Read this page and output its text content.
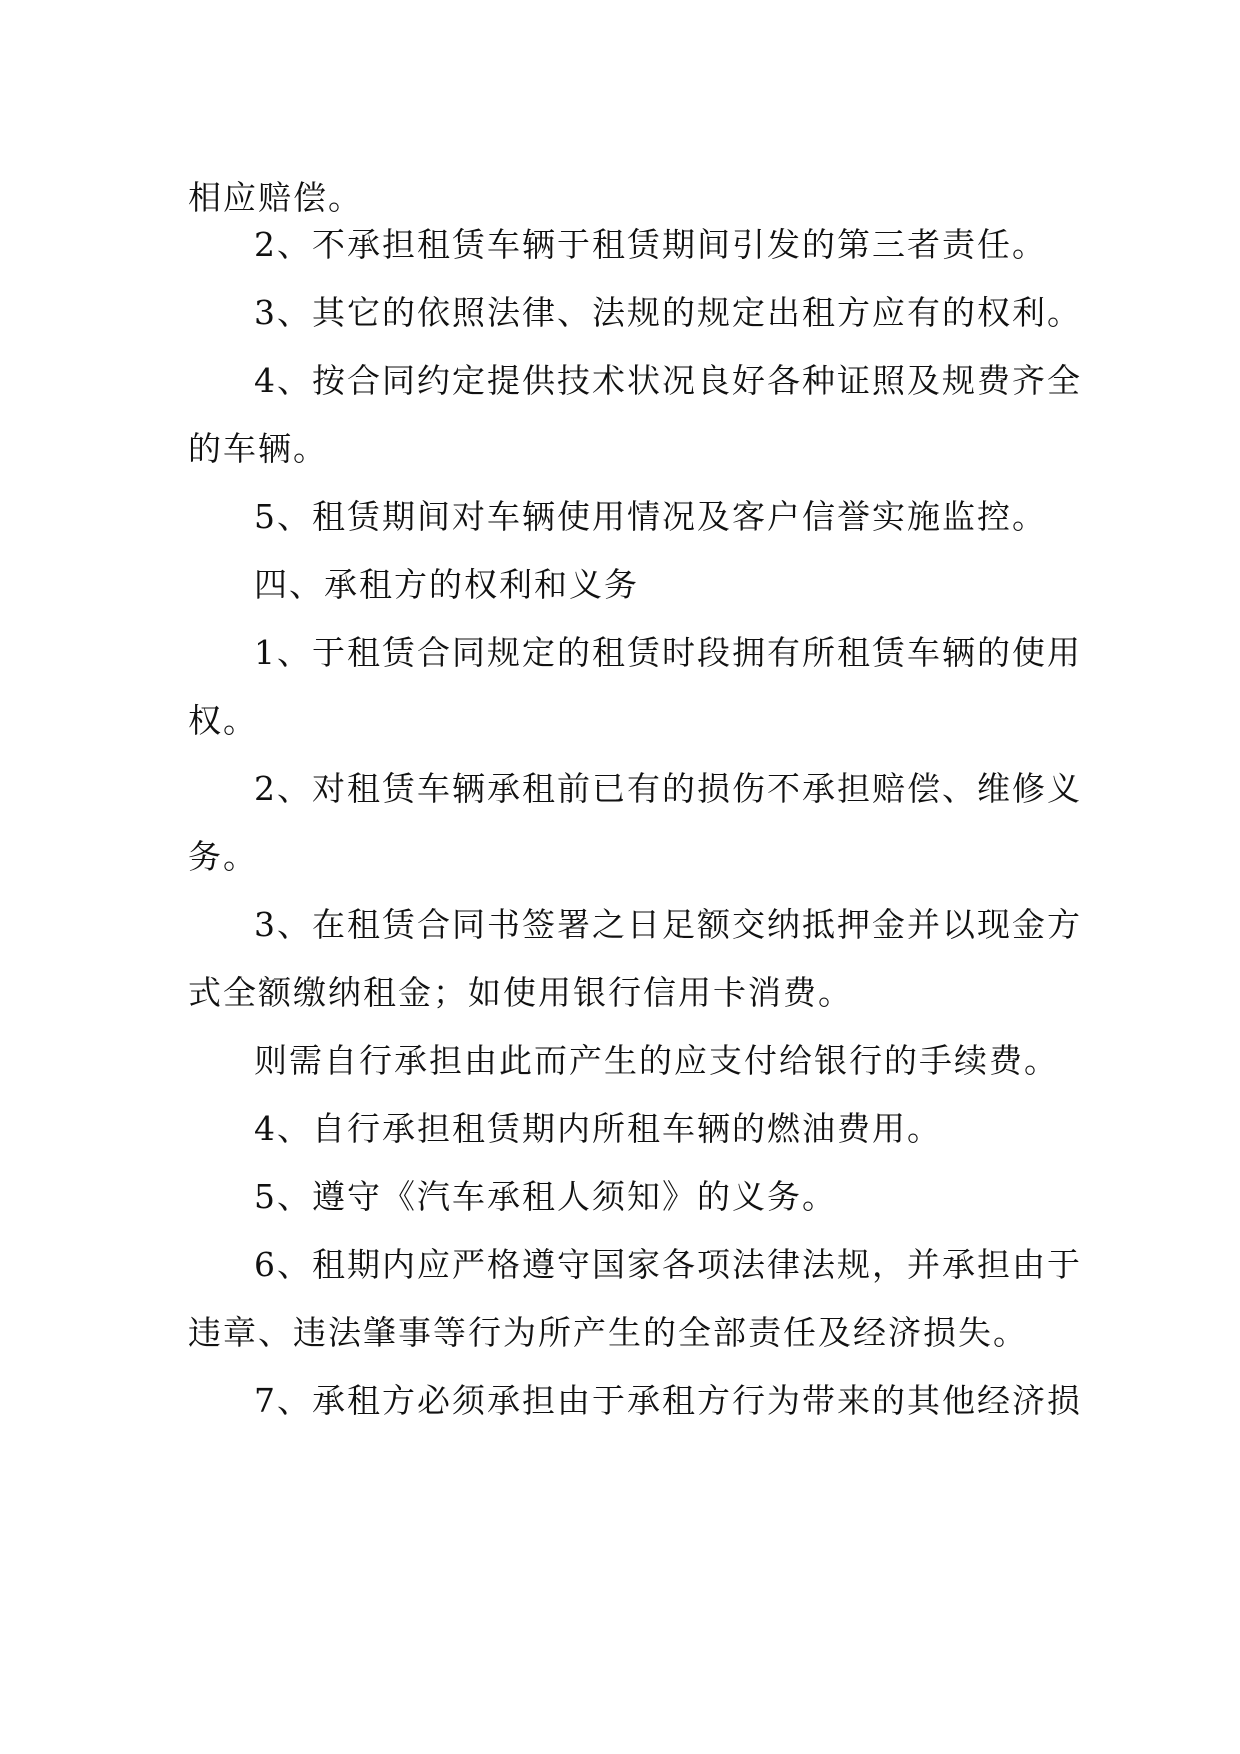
相应赔偿。
2、不承担租赁车辆于租赁期间引发的第三者责任。
3、其它的依照法律、法规的规定出租方应有的权利。
4、按合同约定提供技术状况良好各种证照及规费齐全
的车辆。
5、租赁期间对车辆使用情况及客户信誉实施监控。
四、承租方的权利和义务
1、于租赁合同规定的租赁时段拥有所租赁车辆的使用
权。
2、对租赁车辆承租前已有的损伤不承担赔偿、维修义
务。
3、在租赁合同书签署之日足额交纳抵押金并以现金方
式全额缴纳租金；如使用银行信用卡消费。
则需自行承担由此而产生的应支付给银行的手续费。
4、自行承担租赁期内所租车辆的燃油费用。
5、遵守《汽车承租人须知》的义务。
6、租期内应严格遵守国家各项法律法规，并承担由于
违章、违法肇事等行为所产生的全部责任及经济损失。
7、承租方必须承担由于承租方行为带来的其他经济损
